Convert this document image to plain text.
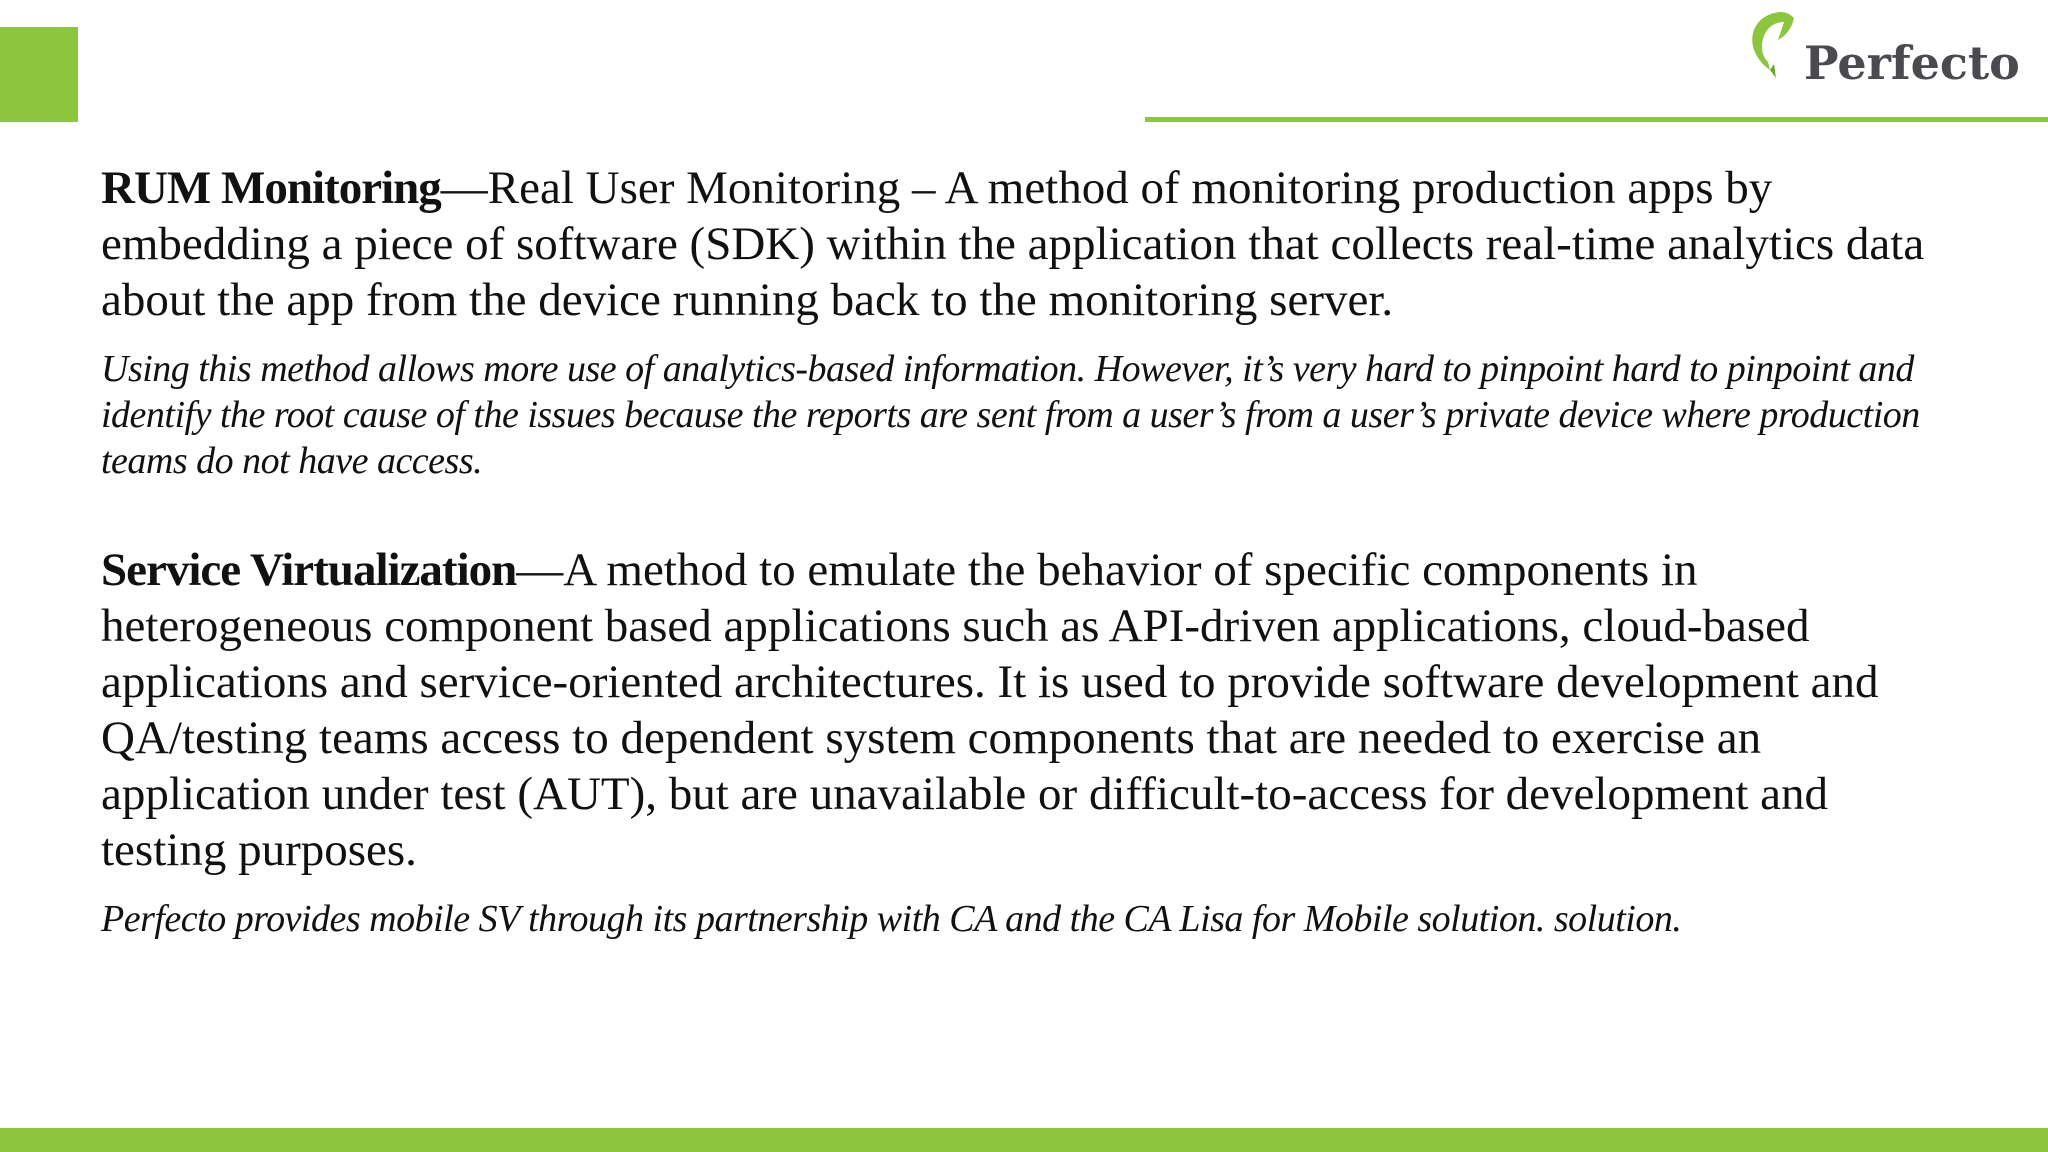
Perfecto

RUM Monitoring—Real User Monitoring – A method of monitoring production apps by embedding a piece of software (SDK) within the application that collects real-time analytics data about the app from the device running back to the monitoring server.

Using this method allows more use of analytics-based information. However, it’s very hard to pinpoint hard to pinpoint and identify the root cause of the issues because the reports are sent from a user’s from a user’s private device where production teams do not have access.

Service Virtualization—A method to emulate the behavior of specific components in heterogeneous component based applications such as API-driven applications, cloud-based applications and service-oriented architectures. It is used to provide software development and QA/testing teams access to dependent system components that are needed to exercise an application under test (AUT), but are unavailable or difficult-to-access for development and testing purposes.

Perfecto provides mobile SV through its partnership with CA and the CA Lisa for Mobile solution. solution.
